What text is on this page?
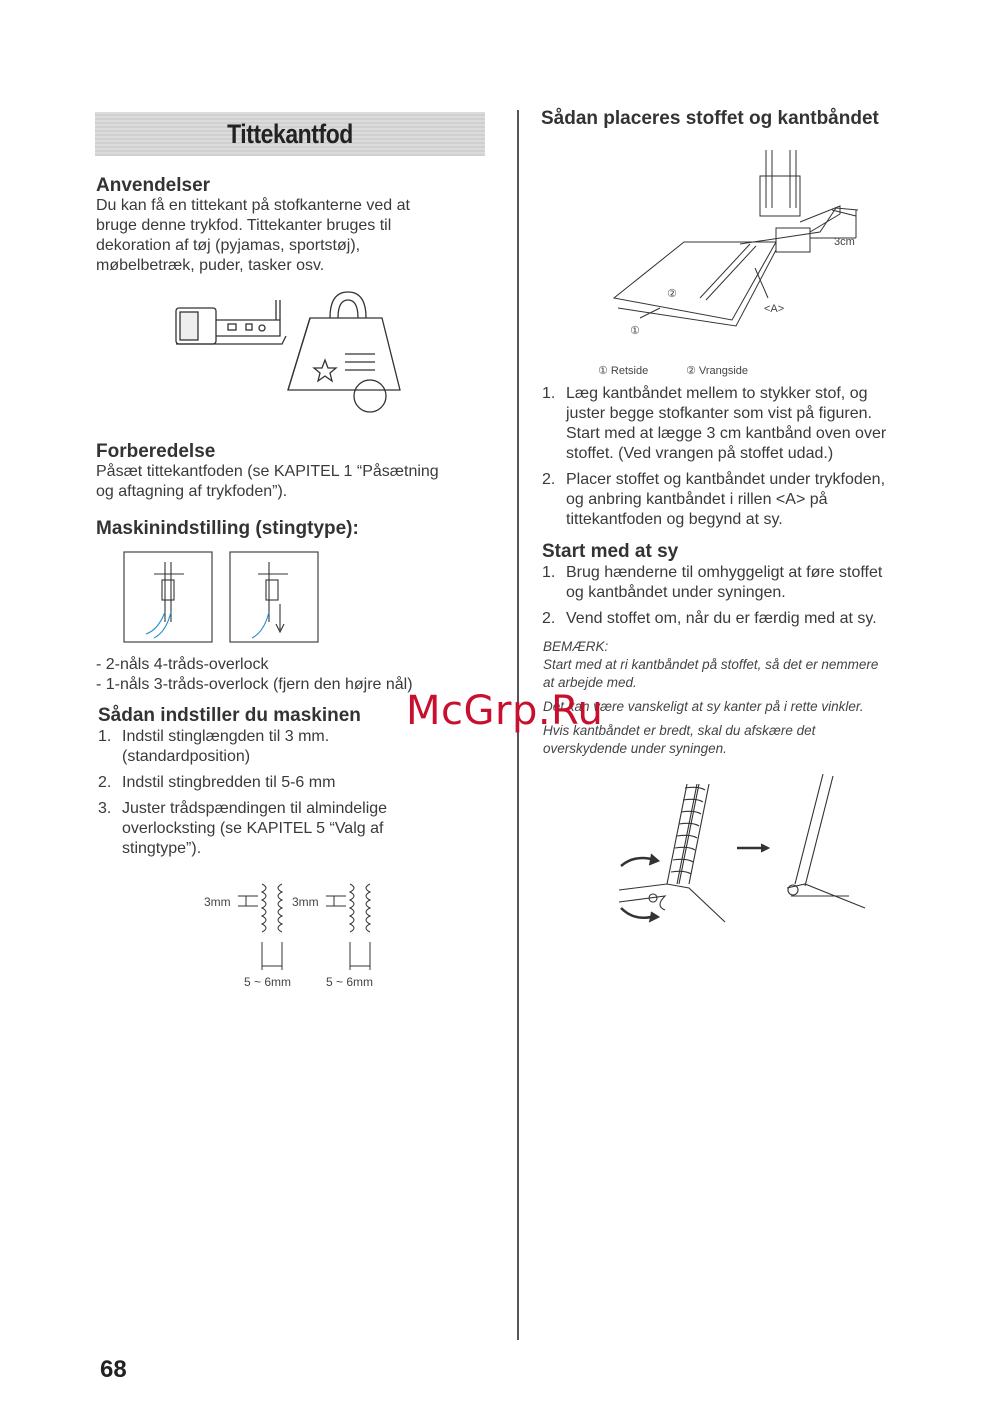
Tittekantfod
Anvendelser
Du kan få en tittekant på stofkanterne ved at
bruge denne trykfod. Tittekanter bruges til
dekoration af tøj (pyjamas, sportstøj),
møbelbetræk, puder, tasker osv.
Forberedelse
Påsæt tittekantfoden (se KAPITEL 1 “Påsætning
og aftagning af trykfoden”).
Maskinindstilling (stingtype):
- 2-nåls 4-tråds-overlock
- 1-nåls 3-tråds-overlock (fjern den højre nål)
Sådan indstiller du maskinen
1. Indstil stinglængden til 3 mm.
(standardposition)
2. Indstil stingbredden til 5-6 mm
3. Juster trådspændingen til almindelige
overlocksting (se KAPITEL 5 “Valg af
stingtype”).
3mm	3mm
5 ~ 6mm	5 ~ 6mm
Sådan placeres stoffet og kantbåndet
3cm
<A>
②
①
① Retside	② Vrangside
1. Læg kantbåndet mellem to stykker stof, og
juster begge stofkanter som vist på figuren.
Start med at lægge 3 cm kantbånd oven over
stoffet. (Ved vrangen på stoffet udad.)
2. Placer stoffet og kantbåndet under trykfoden,
og anbring kantbåndet i rillen <A> på
tittekantfoden og begynd at sy.
Start med at sy
1. Brug hænderne til omhyggeligt at føre stoffet
og kantbåndet under syningen.
2. Vend stoffet om, når du er færdig med at sy.
BEMÆRK:
Start med at ri kantbåndet på stoffet, så det er nemmere
at arbejde med.
Det kan være vanskeligt at sy kanter på i rette vinkler.
Hvis kantbåndet er bredt, skal du afskære det
overskydende under syningen.
68
McGrp.Ru
